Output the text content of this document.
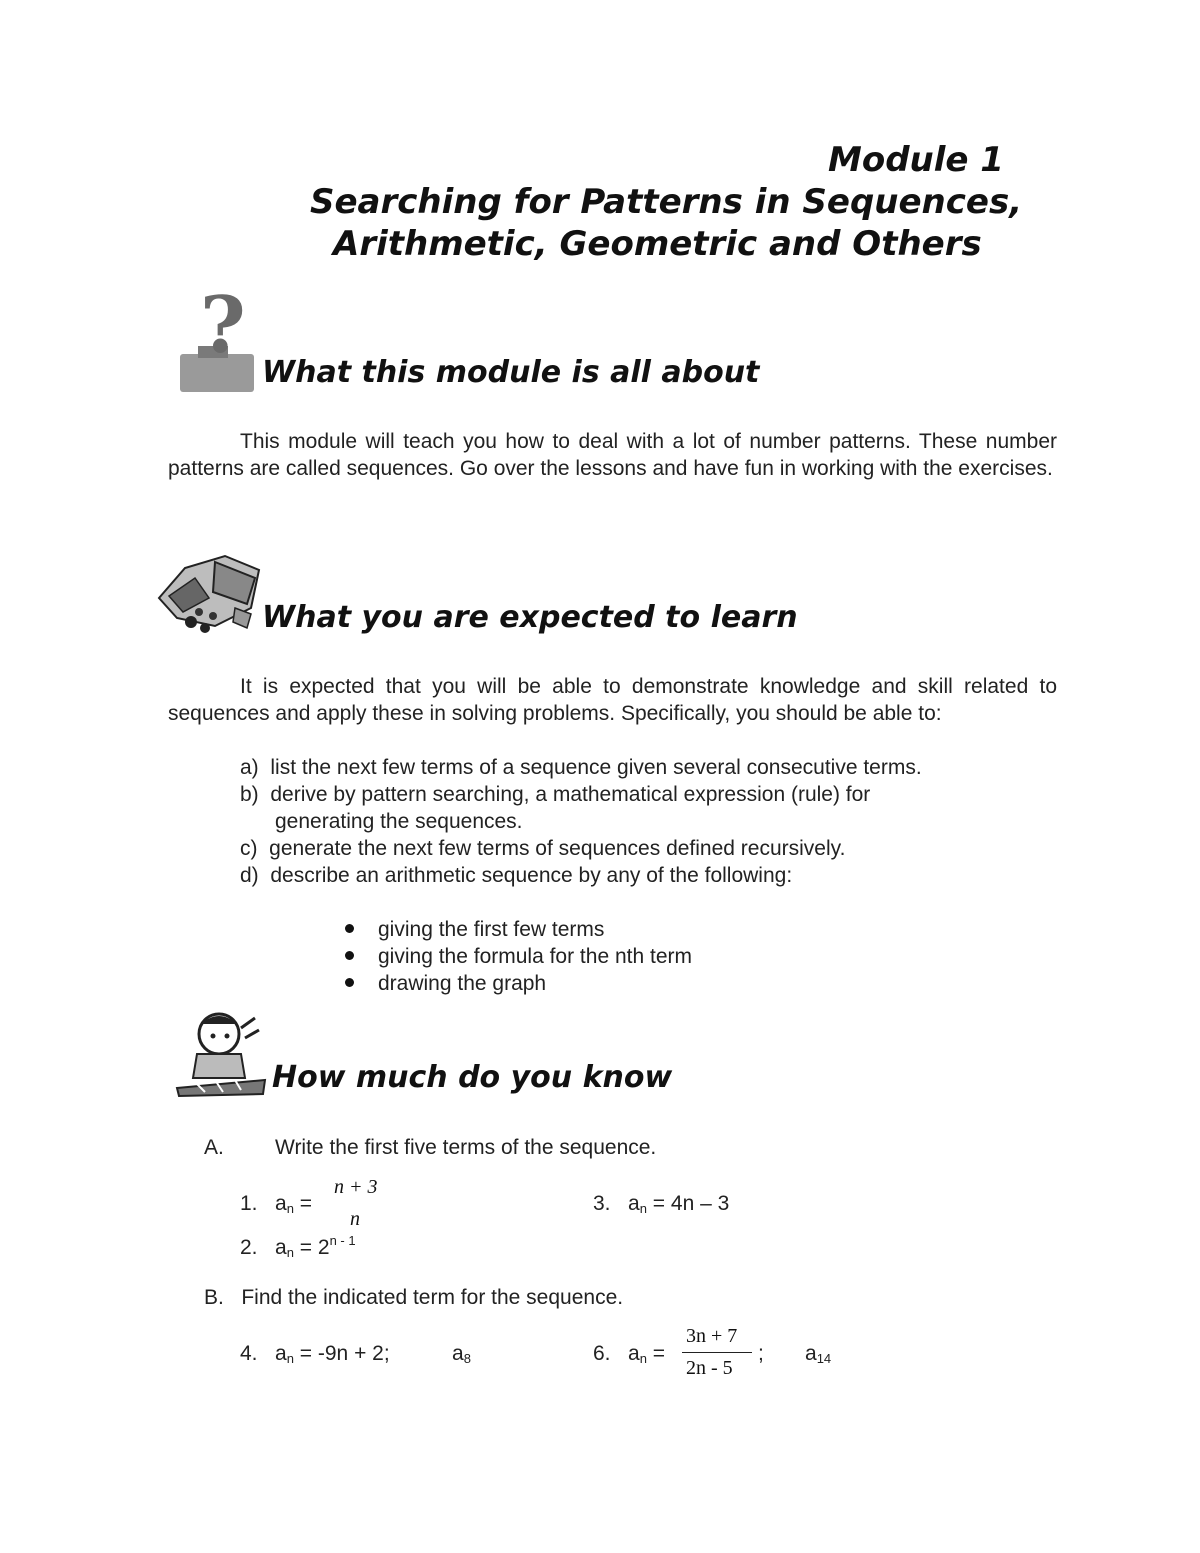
Module 1
Searching for Patterns in Sequences,
Arithmetic, Geometric and Others
?
What this module is all about
This module will teach you how to deal with a lot of number patterns. These number patterns are called sequences. Go over the lessons and have fun in working with the exercises.
What you are expected to learn
It is expected that you will be able to demonstrate knowledge and skill related to sequences and apply these in solving problems. Specifically, you should be able to:
a) list the next few terms of a sequence given several consecutive terms.
b) derive by pattern searching, a mathematical expression (rule) for
generating the sequences.
c) generate the next few terms of sequences defined recursively.
d) describe an arithmetic sequence by any of the following:
giving the first few terms
giving the formula for the nth term
drawing the graph
How much do you know
A. Write the first five terms of the sequence.
1. $a_n$ =
n + 3
n
2. $a_n = 2^{n - 1}$
3. $a_n = 4n - 3$
B. Find the indicated term for the sequence.
4. $a_n = -9n + 2$;	$a_8$	6. $a_n$ =
3n + 7
2n - 5
; $a_{14}$
